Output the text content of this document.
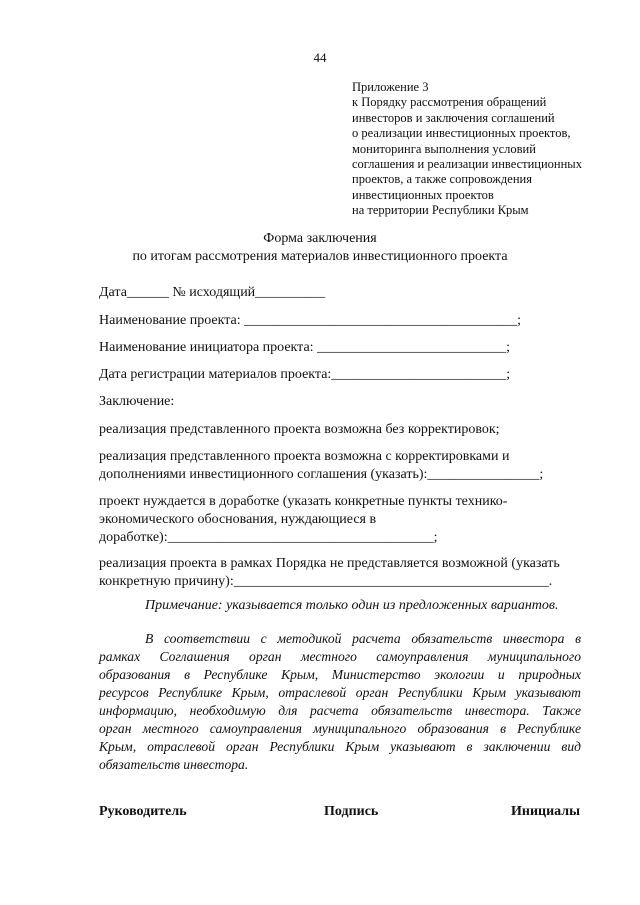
44
Приложение 3
к Порядку рассмотрения обращений
инвесторов и заключения соглашений
о реализации инвестиционных проектов,
мониторинга выполнения условий
соглашения и реализации инвестиционных
проектов, а также сопровождения
инвестиционных проектов
на территории Республики Крым
Форма заключения
по итогам рассмотрения материалов инвестиционного проекта
Дата______ № исходящий__________
Наименование проекта: _______________________________________;
Наименование инициатора проекта: ___________________________;
Дата регистрации материалов проекта:_________________________;
Заключение:
реализация представленного проекта возможна без корректировок;
реализация представленного проекта возможна с корректировками и
дополнениями инвестиционного соглашения (указать):________________;
проект нуждается в доработке (указать конкретные пункты технико-
экономического обоснования, нуждающиеся в
доработке):______________________________________;
реализация проекта в рамках Порядка не представляется возможной (указать
конкретную причину):_____________________________________________.
Примечание: указывается только один из предложенных вариантов.
В соответствии с методикой расчета обязательств инвестора в
рамках Соглашения орган местного самоуправления муниципального
образования в Республике Крым, Министерство экологии и природных
ресурсов Республике Крым, отраслевой орган Республики Крым указывают
информацию, необходимую для расчета обязательств инвестора. Также
орган местного самоуправления муниципального образования в Республике
Крым, отраслевой орган Республики Крым указывают в заключении вид
обязательств инвестора.
Руководитель	Подпись	Инициалы
